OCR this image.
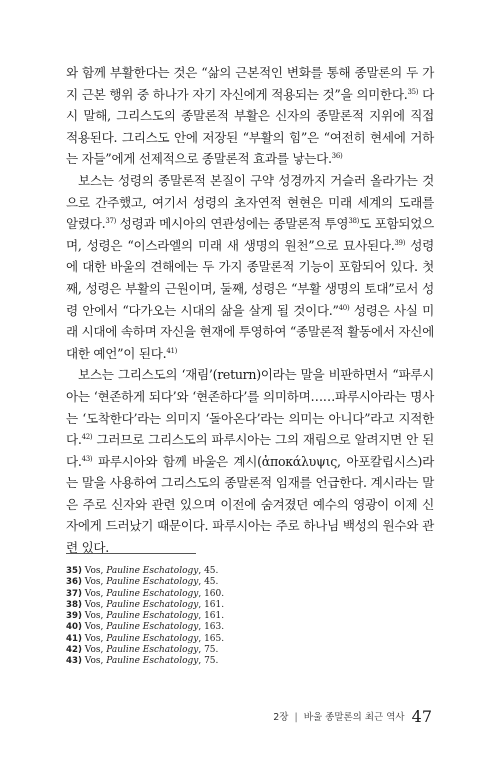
와 함께 부활한다는 것은 “삶의 근본적인 변화를 통해 종말론의 두 가지 근본 행위 중 하나가 자기 자신에게 적용되는 것”을 의미한다.$^{35)}$ 다시 말해, 그리스도의 종말론적 부활은 신자의 종말론적 지위에 직접 적용된다. 그리스도 안에 저장된 “부활의 힘”은 “여전히 현세에 거하는 자들”에게 선제적으로 종말론적 효과를 낳는다.$^{36)}$

보스는 성령의 종말론적 본질이 구약 성경까지 거슬러 올라가는 것으로 간주했고, 여기서 성령의 초자연적 현현은 미래 세계의 도래를 알렸다.$^{37)}$ 성령과 메시아의 연관성에는 종말론적 투영$^{38)}$도 포함되었으며, 성령은 “이스라엘의 미래 새 생명의 원천”으로 묘사된다.$^{39)}$ 성령에 대한 바울의 견해에는 두 가지 종말론적 기능이 포함되어 있다. 첫째, 성령은 부활의 근원이며, 둘째, 성령은 “부활 생명의 토대”로서 성령 안에서 “다가오는 시대의 삶을 살게 될 것이다.”$^{40)}$ 성령은 사실 미래 시대에 속하며 자신을 현재에 투영하여 “종말론적 활동에서 자신에 대한 예언”이 된다.$^{41)}$

보스는 그리스도의 ‘재림’(return)이라는 말을 비판하면서 “파루시아는 ‘현존하게 되다’와 ‘현존하다’를 의미하며……파루시아라는 명사는 ‘도착한다’라는 의미지 ‘돌아온다’라는 의미는 아니다”라고 지적한다.$^{42)}$ 그러므로 그리스도의 파루시아는 그의 재림으로 알려지면 안 된다.$^{43)}$ 파루시아와 함께 바울은 계시(ἀποκάλυψις, 아포칼립시스)라는 말을 사용하여 그리스도의 종말론적 임재를 언급한다. 계시라는 말은 주로 신자와 관련 있으며 이전에 숨겨졌던 예수의 영광이 이제 신자에게 드러났기 때문이다. 파루시아는 주로 하나님 백성의 원수와 관련 있다.

35) Vos, Pauline Eschatology, 45.
36) Vos, Pauline Eschatology, 45.
37) Vos, Pauline Eschatology, 160.
38) Vos, Pauline Eschatology, 161.
39) Vos, Pauline Eschatology, 161.
40) Vos, Pauline Eschatology, 163.
41) Vos, Pauline Eschatology, 165.
42) Vos, Pauline Eschatology, 75.
43) Vos, Pauline Eschatology, 75.
2장 | 바울 종말론의 최근 역사 47
